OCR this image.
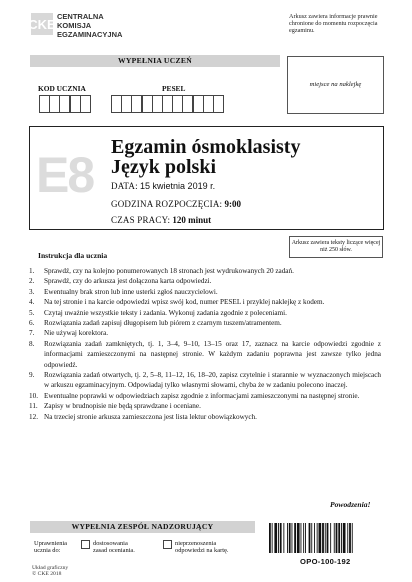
CKE CENTRALNA
KOMISJA
EGZAMINACYJNA
Arkusz zawiera informacje prawnie chronione do momentu rozpoczęcia egzaminu.
WYPEŁNIA UCZEŃ
KOD UCZNIA	PESEL	miejsce na naklejkę
E8 Egzamin ósmoklasisty
Język polski
DATA: 15 kwietnia 2019 r.
GODZINA ROZPOCZĘCIA: 9:00
CZAS PRACY: 120 minut
Arkusz zawiera teksty liczące więcej niż 250 słów.
Instrukcja dla ucznia
1.	Sprawdź, czy na kolejno ponumerowanych 18 stronach jest wydrukowanych 20 zadań.
2.	Sprawdź, czy do arkusza jest dołączona karta odpowiedzi.
3.	Ewentualny brak stron lub inne usterki zgłoś nauczycielowi.
4.	Na tej stronie i na karcie odpowiedzi wpisz swój kod, numer PESEL i przyklej naklejkę z kodem.
5.	Czytaj uważnie wszystkie teksty i zadania. Wykonuj zadania zgodnie z poleceniami.
6.	Rozwiązania zadań zapisuj długopisem lub piórem z czarnym tuszem/atramentem.
7.	Nie używaj korektora.
8.	Rozwiązania zadań zamkniętych, tj. 1, 3–4, 9–10, 13–15 oraz 17, zaznacz na karcie odpowiedzi zgodnie z informacjami zamieszczonymi na następnej stronie. W każdym zadaniu poprawna jest zawsze tylko jedna odpowiedź.
9.	Rozwiązania zadań otwartych, tj. 2, 5–8, 11–12, 16, 18–20, zapisz czytelnie i starannie w wyznaczonych miejscach w arkuszu egzaminacyjnym. Odpowiadaj tylko własnymi słowami, chyba że w zadaniu polecono inaczej.
10. Ewentualne poprawki w odpowiedziach zapisz zgodnie z informacjami zamieszczonymi na następnej stronie.
11. Zapisy w brudnopisie nie będą sprawdzane i oceniane.
12. Na trzeciej stronie arkusza zamieszczona jest lista lektur obowiązkowych.
Powodzenia!
WYPEŁNIA ZESPÓŁ NADZORUJĄCY
Uprawnienia
ucznia do:
dostosowania
zasad oceniania.
nieprzenoszenia
odpowiedzi na kartę.
Układ graficzny
© CKE 2018
OPO-100-192
